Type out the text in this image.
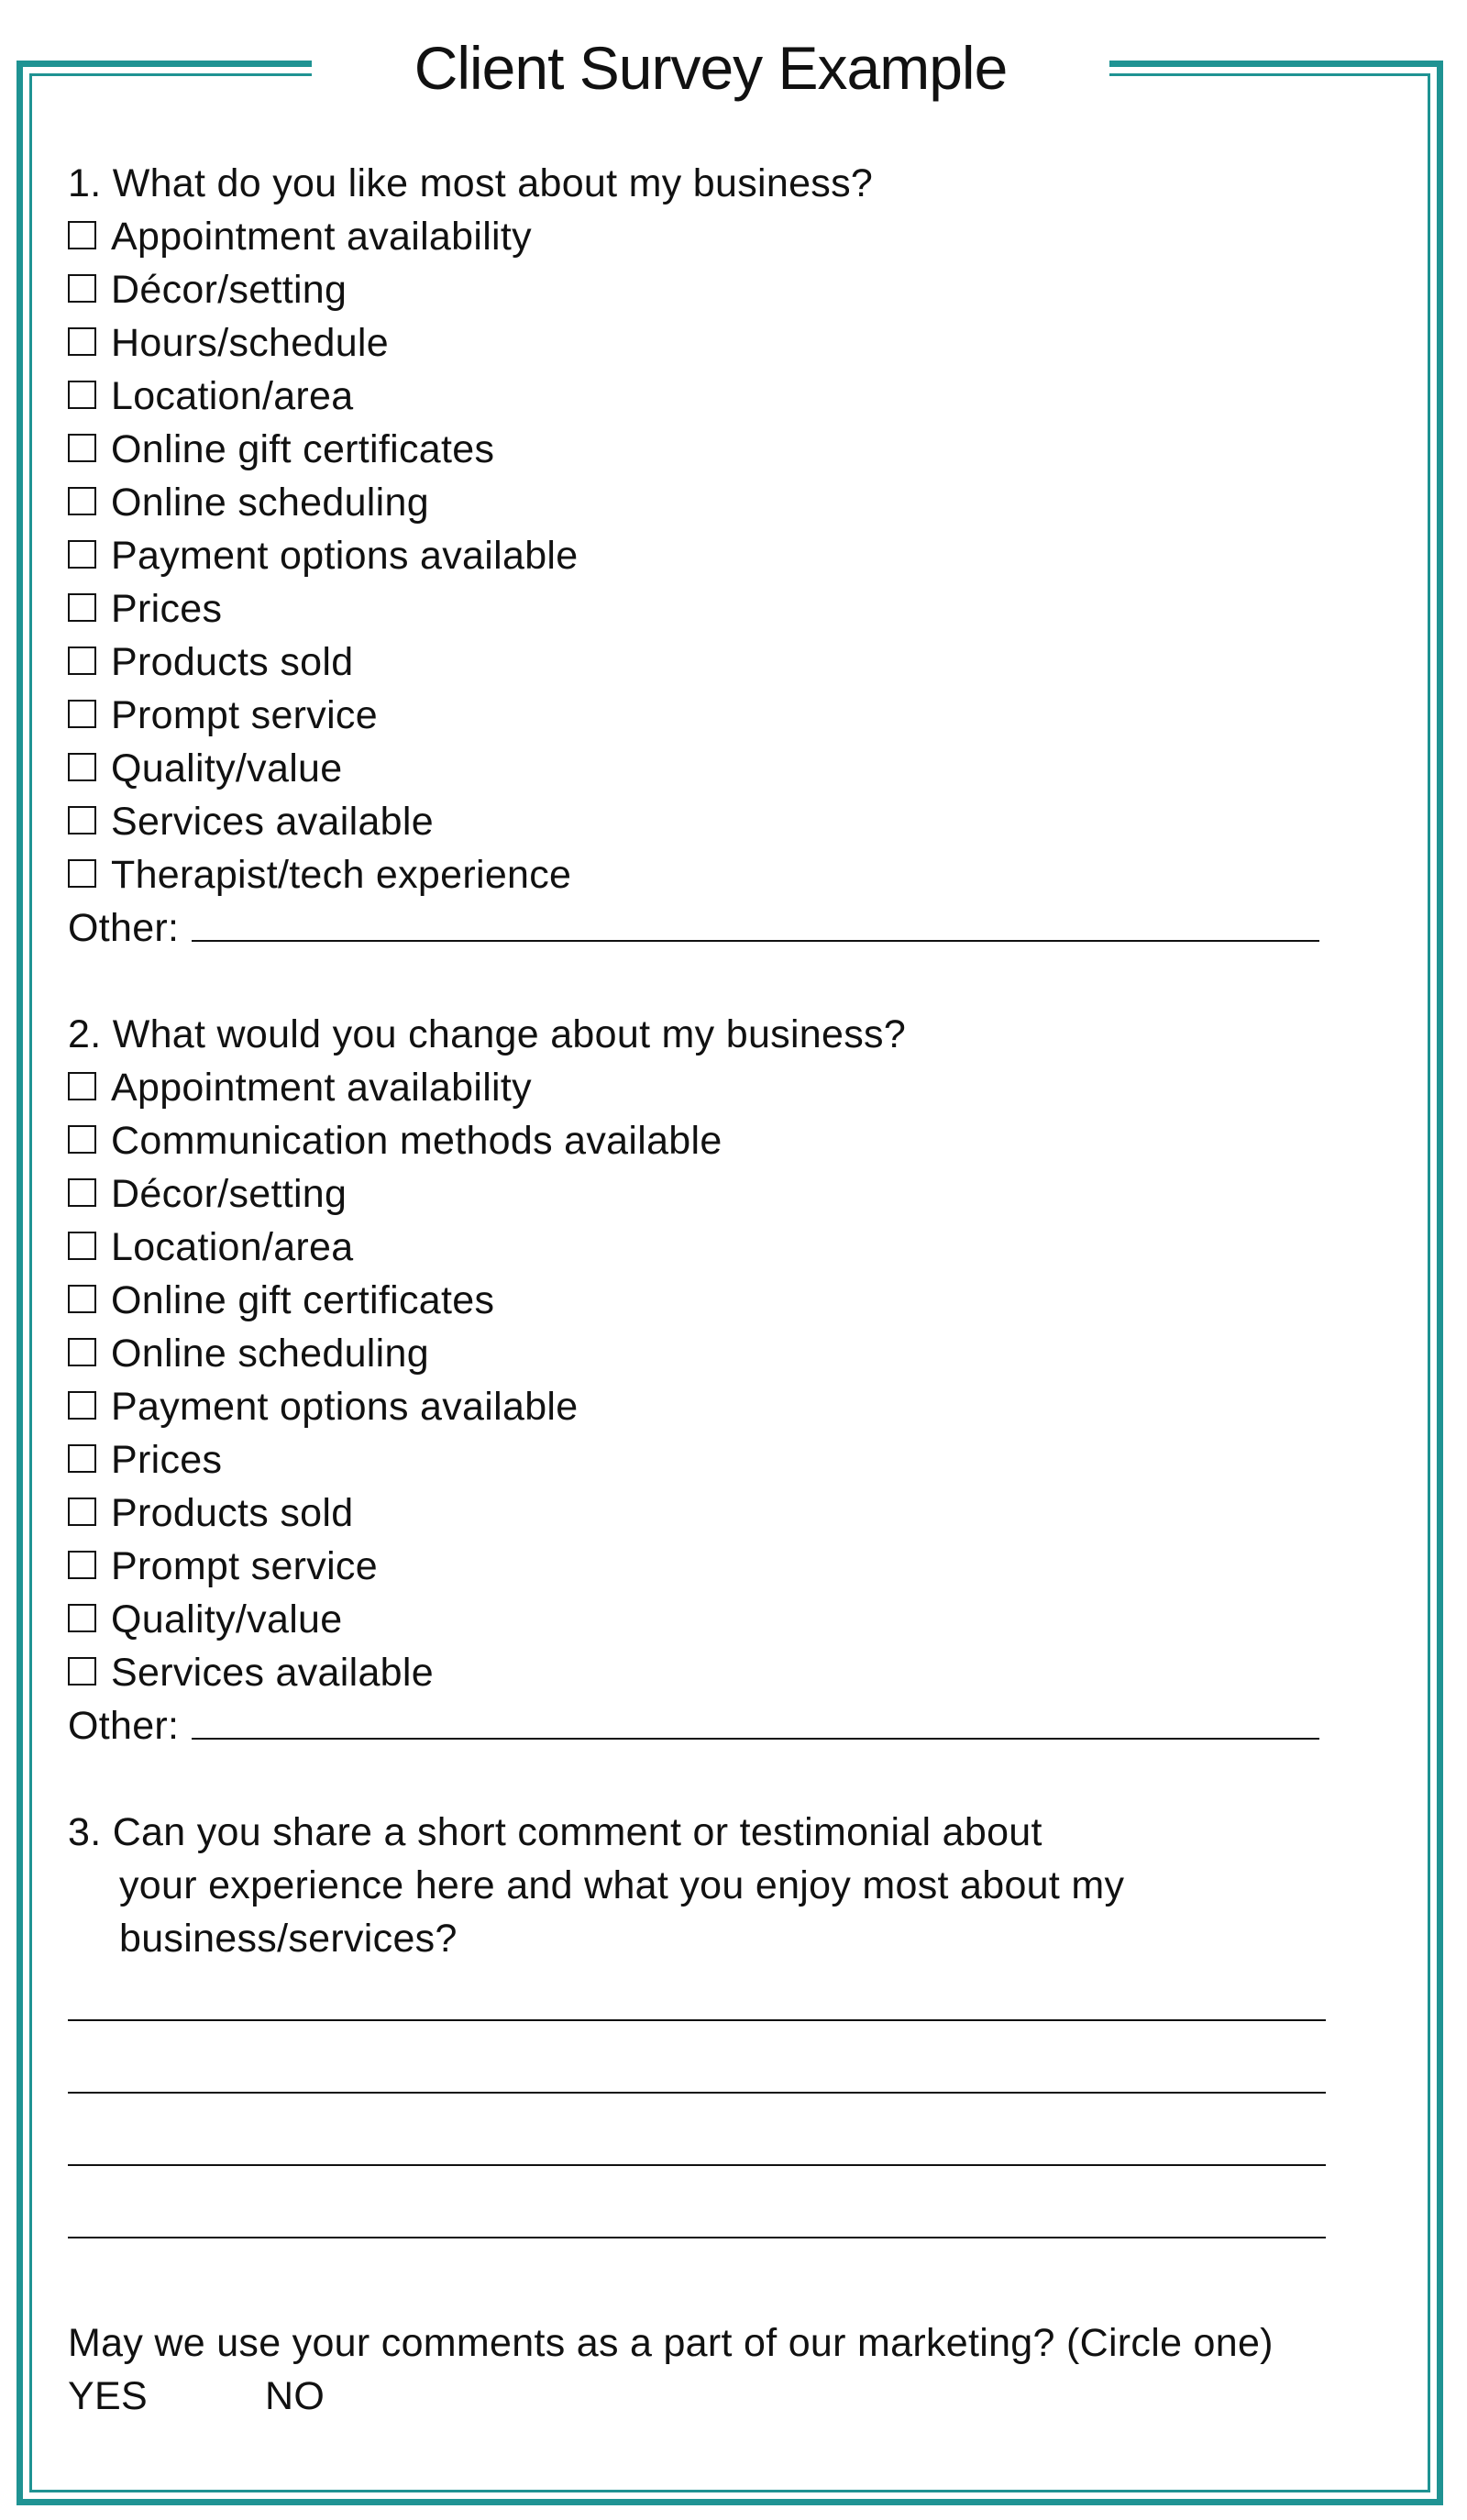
Client Survey Example
1. What do you like most about my business?
Appointment availability
Décor/setting
Hours/schedule
Location/area
Online gift certificates
Online scheduling
Payment options available
Prices
Products sold
Prompt service
Quality/value
Services available
Therapist/tech experience
Other:
2. What would you change about my business?
Appointment availability
Communication methods available
Décor/setting
Location/area
Online gift certificates
Online scheduling
Payment options available
Prices
Products sold
Prompt service
Quality/value
Services available
Other:
3. Can you share a short comment or testimonial about
your experience here and what you enjoy most about my
business/services?
May we use your comments as a part of our marketing? (Circle one)
YES	NO
